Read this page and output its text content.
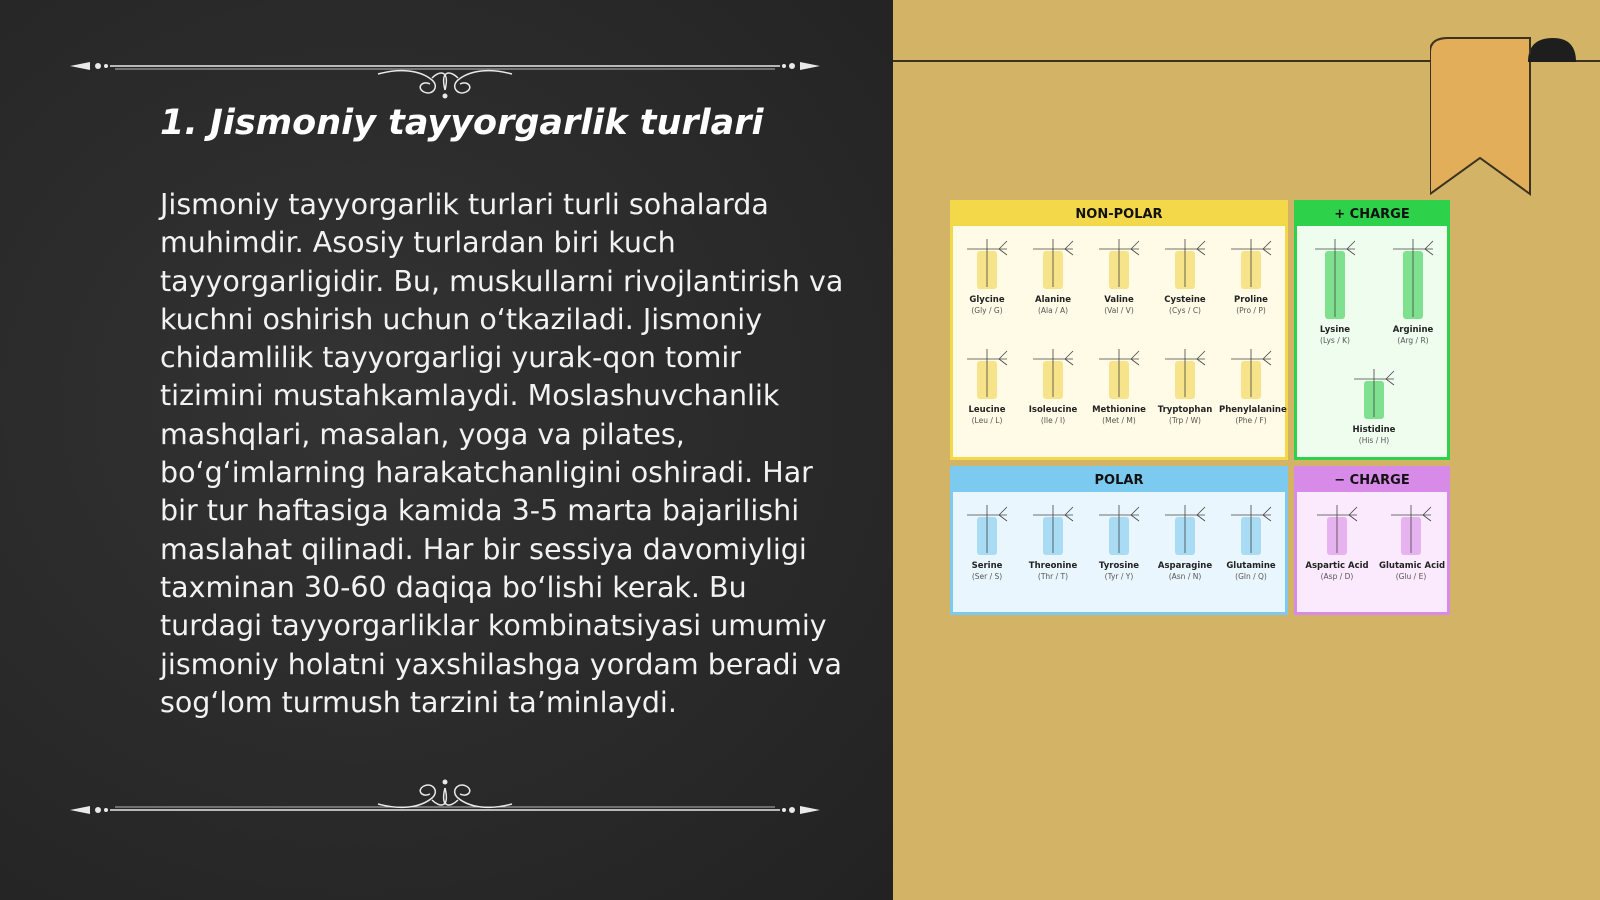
1. Jismoniy tayyorgarlik turlari

Jismoniy tayyorgarlik turlari turli sohalarda muhimdir. Asosiy turlardan biri kuch tayyorgarligidir. Bu, muskullarni rivojlantirish va kuchni oshirish uchun o‘tkaziladi. Jismoniy chidamlilik tayyorgarligi yurak-qon tomir tizimini mustahkamlaydi. Moslashuvchanlik mashqlari, masalan, yoga va pilates, bo‘g‘imlarning harakatchanligini oshiradi. Har bir tur haftasiga kamida 3-5 marta bajarilishi maslahat qilinadi. Har bir sessiya davomiyligi taxminan 30-60 daqiqa bo‘lishi kerak. Bu turdagi tayyorgarliklar kombinatsiyasi umumiy jismoniy holatni yaxshilashga yordam beradi va sog‘lom turmush tarzini ta’minlaydi.

NON-POLAR
Glycine
(Gly / G)
Alanine
(Ala / A)
Valine
(Val / V)
Cysteine
(Cys / C)
Proline
(Pro / P)
Leucine
(Leu / L)
Isoleucine
(Ile / I)
Methionine
(Met / M)
Tryptophan
(Trp / W)
Phenylalanine
(Phe / F)
+ CHARGE
Lysine
(Lys / K)
Arginine
(Arg / R)
Histidine
(His / H)
POLAR
Serine
(Ser / S)
Threonine
(Thr / T)
Tyrosine
(Tyr / Y)
Asparagine
(Asn / N)
Glutamine
(Gln / Q)
− CHARGE
Aspartic Acid
(Asp / D)
Glutamic Acid
(Glu / E)
